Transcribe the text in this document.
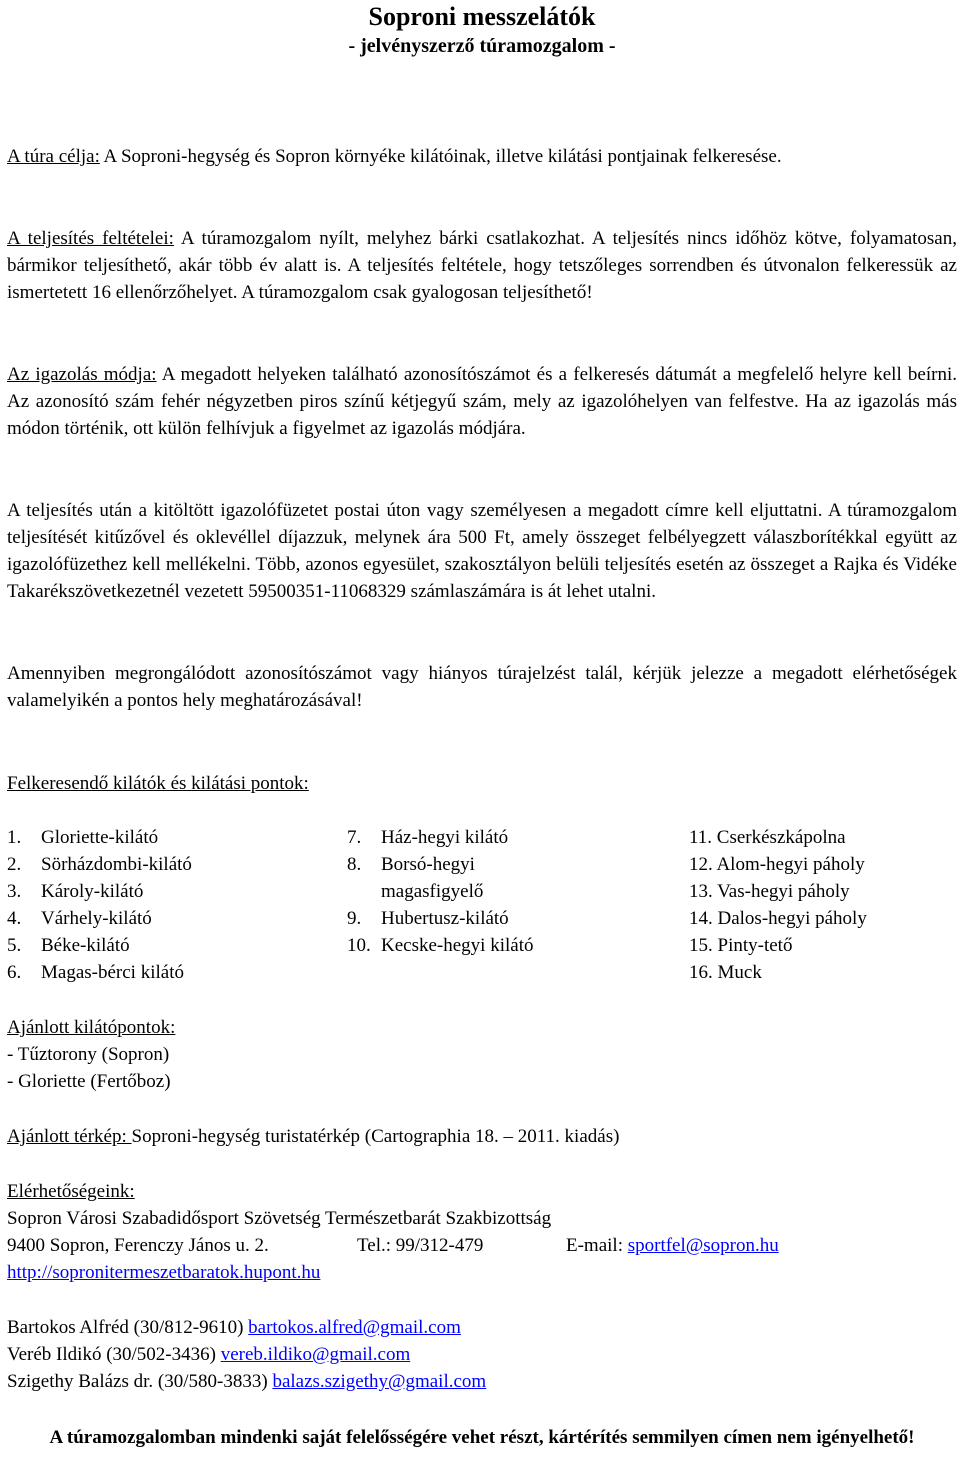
Soproni messzelátók
- jelvényszerző túramozgalom -

A túra célja: A Soproni-hegység és Sopron környéke kilátóinak, illetve kilátási pontjainak felkeresése.

A teljesítés feltételei: A túramozgalom nyílt, melyhez bárki csatlakozhat. A teljesítés nincs időhöz kötve, folyamatosan, bármikor teljesíthető, akár több év alatt is. A teljesítés feltétele, hogy tetszőleges sorrendben és útvonalon felkeressük az ismertetett 16 ellenőrzőhelyet. A túramozgalom csak gyalogosan teljesíthető!

Az igazolás módja: A megadott helyeken található azonosítószámot és a felkeresés dátumát a megfelelő helyre kell beírni. Az azonosító szám fehér négyzetben piros színű kétjegyű szám, mely az igazolóhelyen van felfestve. Ha az igazolás más módon történik, ott külön felhívjuk a figyelmet az igazolás módjára.

A teljesítés után a kitöltött igazolófüzetet postai úton vagy személyesen a megadott címre kell eljuttatni. A túramozgalom teljesítését kitűzővel és oklevéllel díjazzuk, melynek ára 500 Ft, amely összeget felbélyegzett válaszborítékkal együtt az igazolófüzethez kell mellékelni. Több, azonos egyesület, szakosztályon belüli teljesítés esetén az összeget a Rajka és Vidéke Takarékszövetkezetnél vezetett 59500351-11068329 számlaszámára is át lehet utalni.

Amennyiben megrongálódott azonosítószámot vagy hiányos túrajelzést talál, kérjük jelezze a megadott elérhetőségek valamelyikén a pontos hely meghatározásával!

Felkeresendő kilátók és kilátási pontok:

1. Gloriette-kilátó
2. Sörházdombi-kilátó
3. Károly-kilátó
4. Várhely-kilátó
5. Béke-kilátó
6. Magas-bérci kilátó
7. Ház-hegyi kilátó
8. Borsó-hegyi
magasfigyelő
9. Hubertusz-kilátó
10. Kecske-hegyi kilátó
11. Cserkészkápolna
12. Alom-hegyi páholy
13. Vas-hegyi páholy
14. Dalos-hegyi páholy
15. Pinty-tető
16. Muck

Ajánlott kilátópontok:

- Tűztorony (Sopron)

- Gloriette (Fertőboz)

Ajánlott térkép: Soproni-hegység turistatérkép (Cartographia 18. – 2011. kiadás)

Elérhetőségeink:

Sopron Városi Szabadidősport Szövetség Természetbarát Szakbizottság

9400 Sopron, Ferenczy János u. 2.	Tel.: 99/312-479	E-mail: sportfel@sopron.hu

http://sopronitermeszetbaratok.hupont.hu

Bartokos Alfréd (30/812-9610) bartokos.alfred@gmail.com

Veréb Ildikó (30/502-3436) vereb.ildiko@gmail.com

Szigethy Balázs dr. (30/580-3833) balazs.szigethy@gmail.com

A túramozgalomban mindenki saját felelősségére vehet részt, kártérítés semmilyen címen nem igényelhető!
